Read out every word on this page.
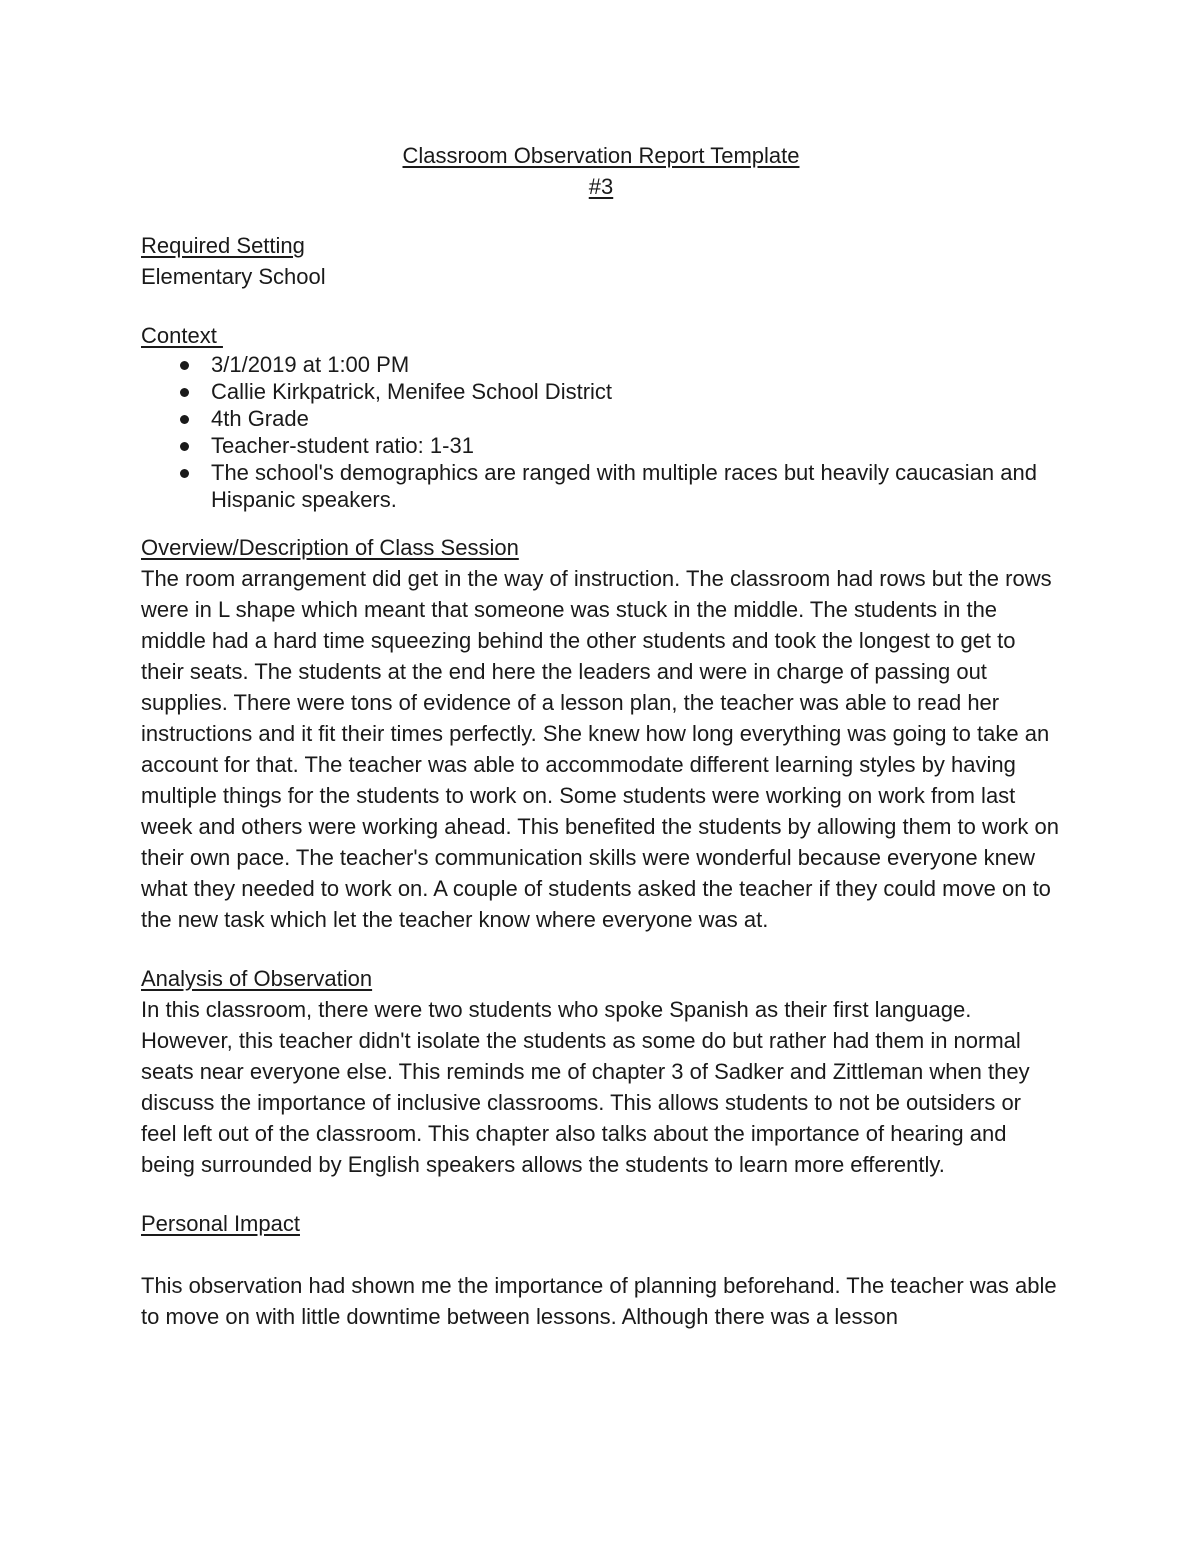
Classroom Observation Report Template
#3
Required Setting
Elementary School
Context
3/1/2019 at 1:00 PM
Callie Kirkpatrick, Menifee School District
4th Grade
Teacher-student ratio: 1-31
The school's demographics are ranged with multiple races but heavily caucasian and Hispanic speakers.
Overview/Description of Class Session

The room arrangement did get in the way of instruction. The classroom had rows but the rows were in L shape which meant that someone was stuck in the middle. The students in the middle had a hard time squeezing behind the other students and took the longest to get to their seats. The students at the end here the leaders and were in charge of passing out supplies. There were tons of evidence of a lesson plan, the teacher was able to read her instructions and it fit their times perfectly. She knew how long everything was going to take an account for that. The teacher was able to accommodate different learning styles by having multiple things for the students to work on. Some students were working on work from last week and others were working ahead. This benefited the students by allowing them to work on their own pace. The teacher's communication skills were wonderful because everyone knew what they needed to work on. A couple of students asked the teacher if they could move on to the new task which let the teacher know where everyone was at.

Analysis of Observation

In this classroom, there were two students who spoke Spanish as their first language. However, this teacher didn't isolate the students as some do but rather had them in normal seats near everyone else. This reminds me of chapter 3 of Sadker and Zittleman when they discuss the importance of inclusive classrooms. This allows students to not be outsiders or feel left out of the classroom. This chapter also talks about the importance of hearing and being surrounded by English speakers allows the students to learn more efferently.

Personal Impact

This observation had shown me the importance of planning beforehand. The teacher was able to move on with little downtime between lessons. Although there was a lesson
